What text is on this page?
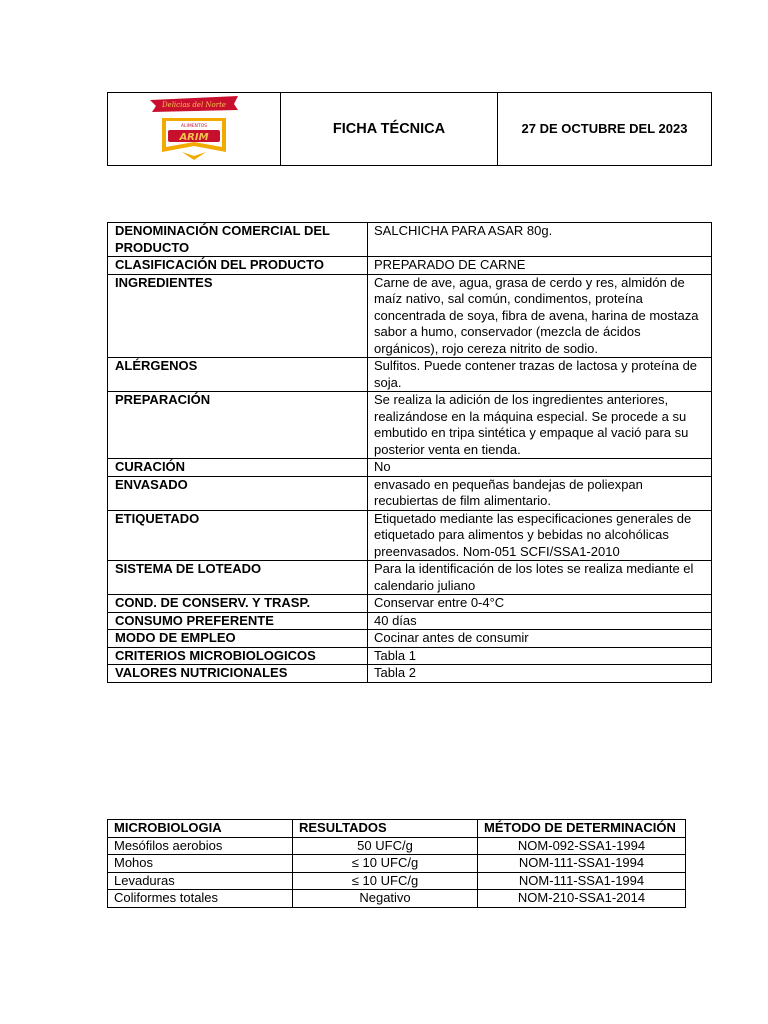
Delicias del Norte
ALIMENTOS
ARIM
	FICHA TÉCNICA	27 DE OCTUBRE DEL 2023
DENOMINACIÓN COMERCIAL DEL PRODUCTO	SALCHICHA PARA ASAR 80g.
CLASIFICACIÓN DEL PRODUCTO	PREPARADO DE CARNE
INGREDIENTES	Carne de ave, agua, grasa de cerdo y res, almidón de maíz nativo, sal común, condimentos, proteína concentrada de soya, fibra de avena, harina de mostaza sabor a humo, conservador (mezcla de ácidos orgánicos), rojo cereza nitrito de sodio.
ALÉRGENOS	Sulfitos. Puede contener trazas de lactosa y proteína de soja.
PREPARACIÓN	Se realiza la adición de los ingredientes anteriores, realizándose en la máquina especial. Se procede a su embutido en tripa sintética y empaque al vació para su posterior venta en tienda.
CURACIÓN	No
ENVASADO	envasado en pequeñas bandejas de poliexpan recubiertas de film alimentario.
ETIQUETADO	Etiquetado mediante las especificaciones generales de etiquetado para alimentos y bebidas no alcohólicas preenvasados. Nom-051 SCFI/SSA1-2010
SISTEMA DE LOTEADO	Para la identificación de los lotes se realiza mediante el calendario juliano
COND. DE CONSERV. Y TRASP.	Conservar entre 0-4°C
CONSUMO PREFERENTE	40 días
MODO DE EMPLEO	Cocinar antes de consumir
CRITERIOS MICROBIOLOGICOS	Tabla 1
VALORES NUTRICIONALES	Tabla 2
MICROBIOLOGIA	RESULTADOS	MÉTODO DE DETERMINACIÓN
Mesófilos aerobios	50 UFC/g	NOM-092-SSA1-1994
Mohos	≤ 10 UFC/g	NOM-111-SSA1-1994
Levaduras	≤ 10 UFC/g	NOM-111-SSA1-1994
Coliformes totales	Negativo	NOM-210-SSA1-2014
